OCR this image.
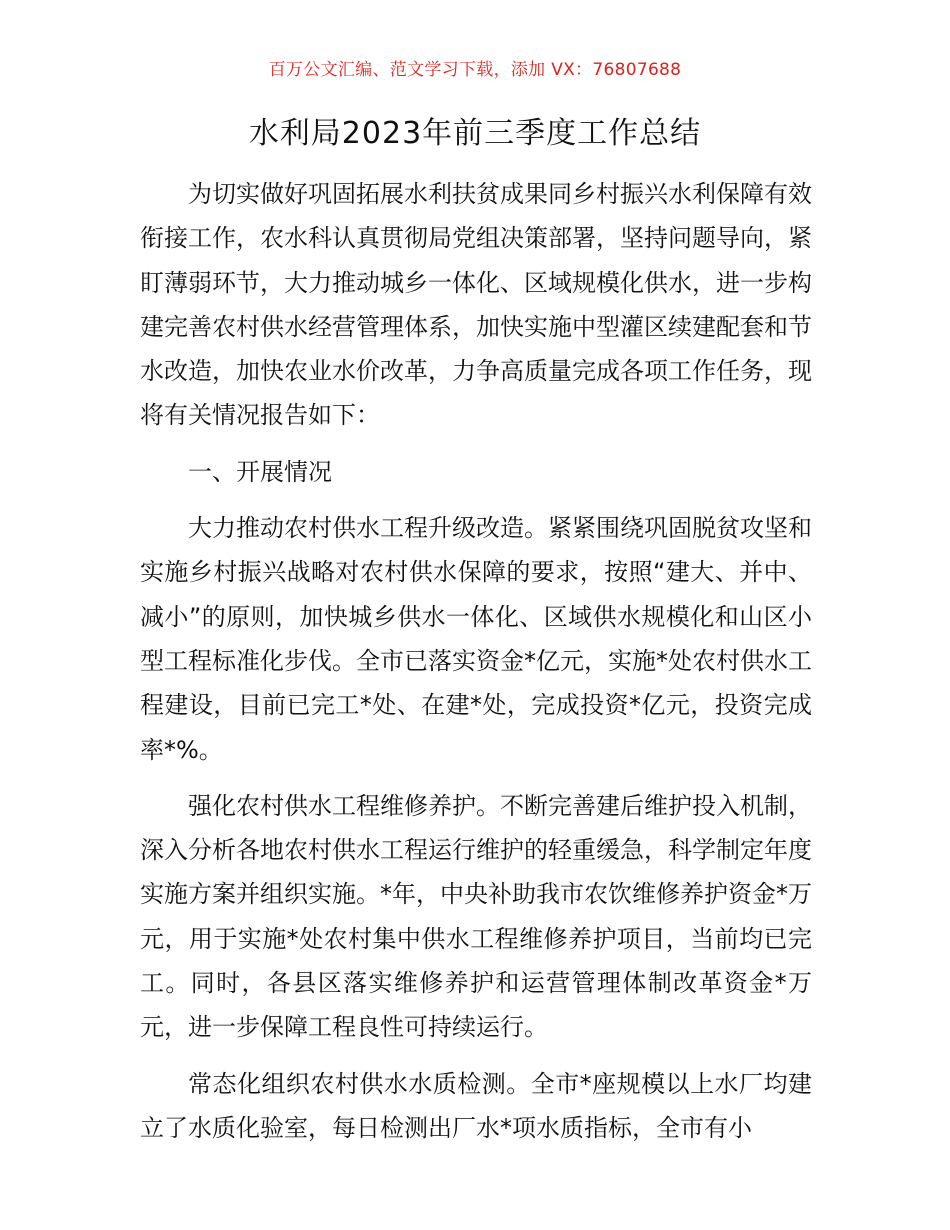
百万公文汇编、范文学习下载，添加 VX：76807688
水利局2023年前三季度工作总结

为切实做好巩固拓展水利扶贫成果同乡村振兴水利保障有效衔接工作，农水科认真贯彻局党组决策部署，坚持问题导向，紧盯薄弱环节，大力推动城乡一体化、区域规模化供水，进一步构建完善农村供水经营管理体系，加快实施中型灌区续建配套和节水改造，加快农业水价改革，力争高质量完成各项工作任务，现将有关情况报告如下：

一、开展情况

大力推动农村供水工程升级改造。紧紧围绕巩固脱贫攻坚和实施乡村振兴战略对农村供水保障的要求，按照“建大、并中、减小”的原则，加快城乡供水一体化、区域供水规模化和山区小型工程标准化步伐。全市已落实资金*亿元，实施*处农村供水工程建设，目前已完工*处、在建*处，完成投资*亿元，投资完成率*%。

强化农村供水工程维修养护。不断完善建后维护投入机制，深入分析各地农村供水工程运行维护的轻重缓急，科学制定年度实施方案并组织实施。*年，中央补助我市农饮维修养护资金*万元，用于实施*处农村集中供水工程维修养护项目，当前均已完工。同时，各县区落实维修养护和运营管理体制改革资金*万元，进一步保障工程良性可持续运行。

常态化组织农村供水水质检测。全市*座规模以上水厂均建立了水质化验室，每日检测出厂水*项水质指标，全市有小
